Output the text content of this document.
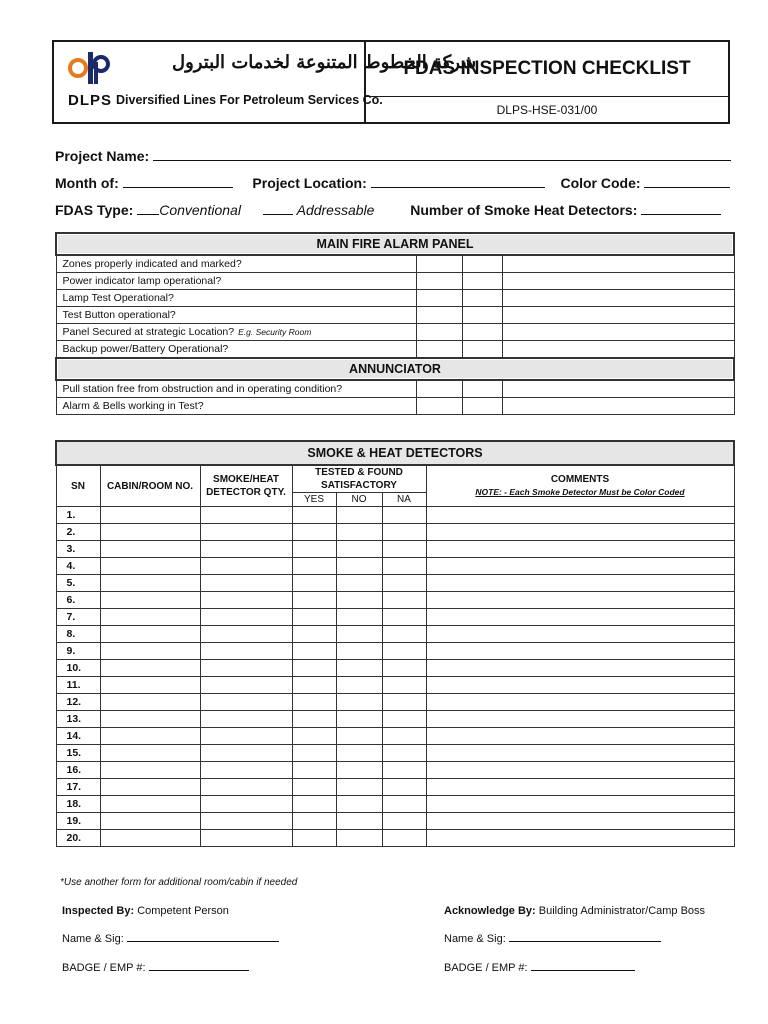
شركة الخطوط المتنوعة لخدمات البترول
DLPS Diversified Lines For Petroleum Services Co.
FDAS INSPECTION CHECKLIST
DLPS-HSE-031/00
Project Name:
Month of:	Project Location:	Color Code:
FDAS Type: Conventional	Addressable	Number of Smoke Heat Detectors:
MAIN FIRE ALARM PANEL			
Zones properly indicated and marked?			
Power indicator lamp operational?			
Lamp Test Operational?			
Test Button operational?			
Panel Secured at strategic Location? E.g. Security Room			
Backup power/Battery Operational?			
ANNUNCIATOR			
Pull station free from obstruction and in operating condition?			
Alarm & Bells working in Test?			
SMOKE & HEAT DETECTORS						
SN	CABIN/ROOM NO.	SMOKE/HEAT DETECTOR QTY.	TESTED & FOUND SATISFACTORY			COMMENTS
NOTE: - Each Smoke Detector Must be Color Coded

			YES	NO	NA	
1.						
2.						
3.						
4.						
5.						
6.						
7.						
8.						
9.						
10.						
11.						
12.						
13.						
14.						
15.						
16.						
17.						
18.						
19.						
20.						
*Use another form for additional room/cabin if needed
Inspected By: Competent Person	Acknowledge By: Building Administrator/Camp Boss
Name & Sig:	Name & Sig:
BADGE / EMP #:	BADGE / EMP #:
